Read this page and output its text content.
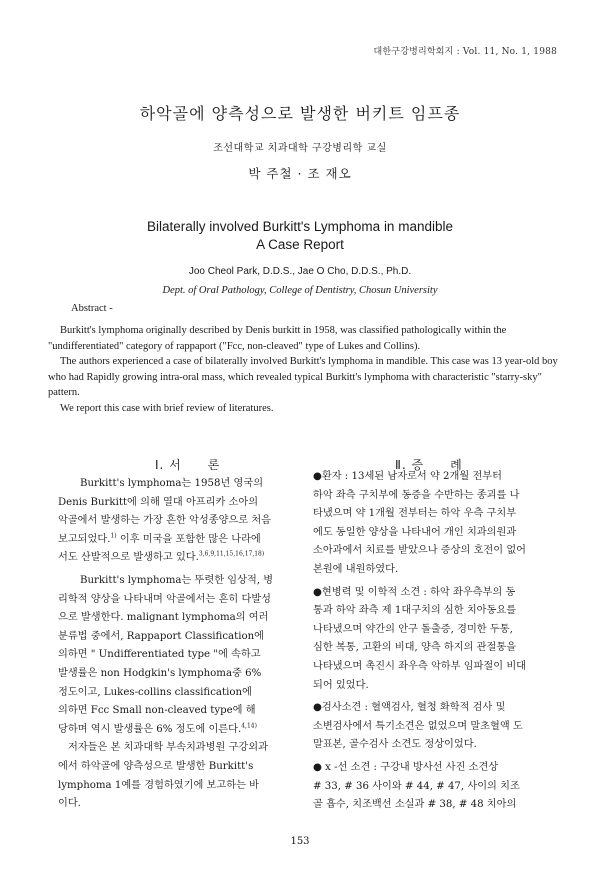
대한구강병리학회지 : Vol. 11, No. 1, 1988
하악골에 양측성으로 발생한 버키트 임프종
조선대학교 치과대학 구강병리학 교실
박 주철 · 조 재오
Bilaterally involved Burkitt's Lymphoma in mandible
A Case Report
Joo Cheol Park, D.D.S., Jae O Cho, D.D.S., Ph.D.
Dept. of Oral Pathology, College of Dentistry, Chosun University
Abstract -

Burkitt's lymphoma originally described by Denis burkitt in 1958, was classified pathologically within the "undifferentiated" category of rappaport ("Fcc, non-cleaved" type of Lukes and Collins).

The authors experienced a case of bilaterally involved Burkitt's lymphoma in mandible. This case was 13 year-old boy who had Rapidly growing intra-oral mass, which revealed typical Burkitt's lymphoma with characteristic "starry-sky" pattern.

We report this case with brief review of literatures.

Ⅰ. 서　　론	Ⅱ. 증　　례

Burkitt's lymphoma는 1958년 영국의

Denis Burkitt에 의해 열대 아프리카 소아의

악골에서 발생하는 가장 흔한 악성종양으로 처음

보고되었다.$^{1)}$ 이후 미국을 포함한 많은 나라에

서도 산발적으로 발생하고 있다.$^{3,6,9,11,15,16,17,18)}$

Burkitt's lymphoma는 뚜렷한 임상적, 병

리학적 양상을 나타내며 악골에서는 흔히 다발성

으로 발생한다. malignant lymphoma의 여러

분류법 중에서, Rappaport Classification에

의하면 " Undifferentiated type "에 속하고

발생률은 non Hodgkin's lymphoma중 6%

정도이고, Lukes-collins classification에

의하면 Fcc Small non-cleaved type에 해

당하며 역시 발생률은 6% 정도에 이른다.$^{4,14)}$

저자들은 본 치과대학 부속치과병원 구강외과

에서 하악골에 양측성으로 발생한 Burkitt's

lymphoma 1예를 경험하였기에 보고하는 바

이다.

●환자 : 13세된 남자로서 약 2개월 전부터

하악 좌측 구치부에 동증을 수반하는 종괴를 나

타냈으며 약 1개월 전부터는 하악 우측 구치부

에도 동일한 양상을 나타내어 개인 치과의원과

소아과에서 치료를 받았으나 증상의 호전이 없어

본원에 내원하였다.

●현병력 및 이학적 소견 : 하악 좌우측부의 동

통과 하악 좌측 제 1대구치의 심한 치아동요를

나타냈으며 약간의 안구 돌출증, 경미한 두통,

심한 복통, 고환의 비대, 양측 하지의 관절통을

나타냈으며 촉진시 좌우측 악하부 임파절이 비대

되어 있었다.

●검사소견 : 혈액검사, 혈청 화학적 검사 및

소변검사에서 특기소견은 없었으며 말초혈액 도

말표본, 골수검사 소견도 정상이었다.

● x -선 소견 : 구강내 방사선 사진 소견상

# 33, # 36 사이와 # 44, # 47, 사이의 치조

골 흡수, 치조백선 소실과 # 38, # 48 치아의

153
